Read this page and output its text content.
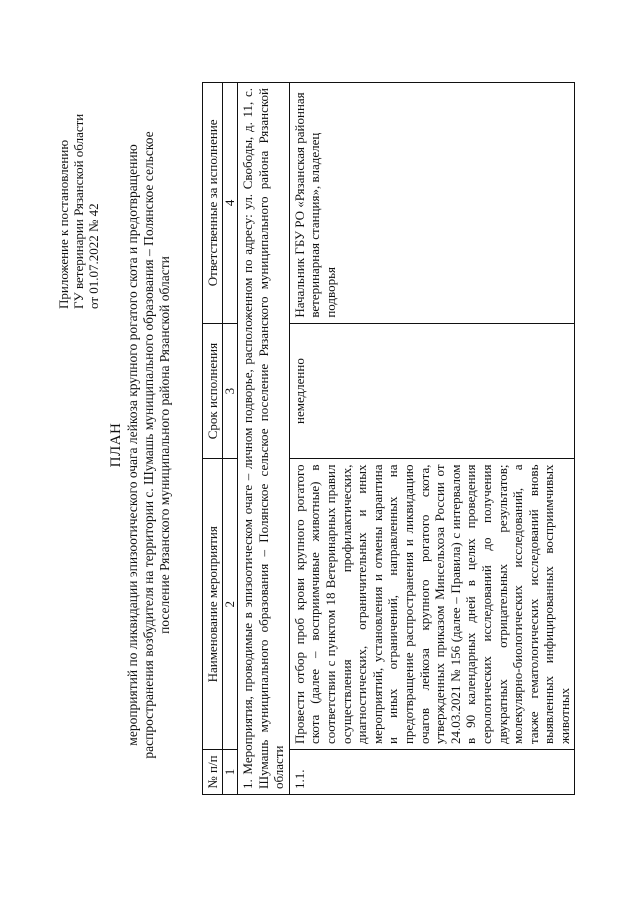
Приложение к постановлению ГУ ветеринарии Рязанской области от 01.07.2022 № 42
ПЛАН мероприятий по ликвидации эпизоотического очага лейкоза крупного рогатого скота и предотвращению распространения возбудителя на территории с. Шумашь муниципального образования – Полянское сельское поселение Рязанского муниципального района Рязанской области
№ п/п	Наименование мероприятия	Срок исполнения	Ответственные за исполнение
1	2	3	4
1. Мероприятия, проводимые в эпизоотическом очаге – личном подворье, расположенном по адресу: ул. Свободы, д. 11, с. Шумашь муниципального образования – Полянское сельское поселение Рязанского муниципального района Рязанской области			
1.1.	Провести отбор проб крови крупного рогатого скота (далее – восприимчивые животные) в соответствии с пунктом 18 Ветеринарных правил осуществления профилактических, диагностических, ограничительных и иных мероприятий, установления и отмены карантина и иных ограничений, направленных на предотвращение распространения и ликвидацию очагов лейкоза крупного рогатого скота, утвержденных приказом Минсельхоза России от 24.03.2021 № 156 (далее – Правила) с интервалом в 90 календарных дней в целях проведения серологических исследований до получения двукратных отрицательных результатов; молекулярно-биологических исследований, а также гематологических исследований вновь выявленных инфицированных восприимчивых животных	немедленно	Начальник ГБУ РО «Рязанская районная ветеринарная станция», владелец подворья
